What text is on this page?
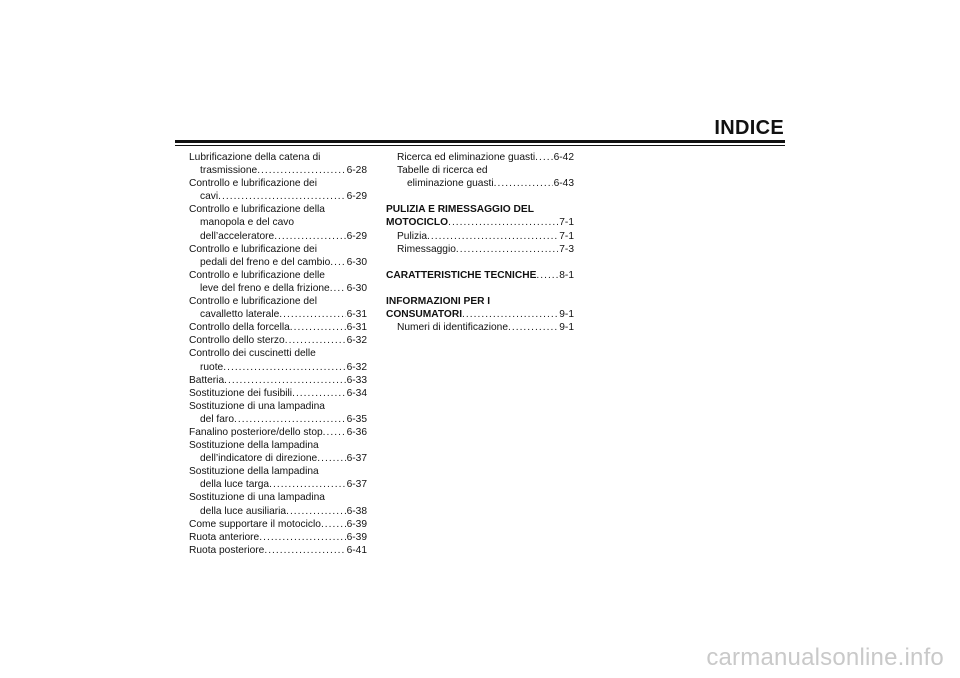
INDICE
Lubrificazione della catena di
trasmissione . . .	6-28
Controllo e lubrificazione dei
cavi . . .	6-29
Controllo e lubrificazione della
manopola e del cavo
dell’acceleratore . . .	6-29
Controllo e lubrificazione dei
pedali del freno e del cambio . . . 6-30
Controllo e lubrificazione delle
leve del freno e della frizione . . . 6-30
Controllo e lubrificazione del
cavalletto laterale . . .	6-31
Controllo della forcella . . .	6-31
Controllo dello sterzo . . .	6-32
Controllo dei cuscinetti delle
ruote . . .	6-32
Batteria . . .	6-33
Sostituzione dei fusibili . . .	6-34
Sostituzione di una lampadina
del faro . . .	6-35
Fanalino posteriore/dello stop . . . 6-36
Sostituzione della lampadina
dell’indicatore di direzione . . .	6-37
Sostituzione della lampadina
della luce targa . . .	6-37
Sostituzione di una lampadina
della luce ausiliaria . . .	6-38
Come supportare il motociclo . . .	6-39
Ruota anteriore . . .	6-39
Ruota posteriore . . .	6-41
Ricerca ed eliminazione guasti . . . 6-42
Tabelle di ricerca ed
eliminazione guasti . . .	6-43
PULIZIA E RIMESSAGGIO DEL
MOTOCICLO . . .	7-1
Pulizia . . .	7-1
Rimessaggio . . .	7-3
CARATTERISTICHE TECNICHE . . . 8-1
INFORMAZIONI PER I
CONSUMATORI . . .	9-1
Numeri di identificazione . . .	9-1
carmanualsonline.info
